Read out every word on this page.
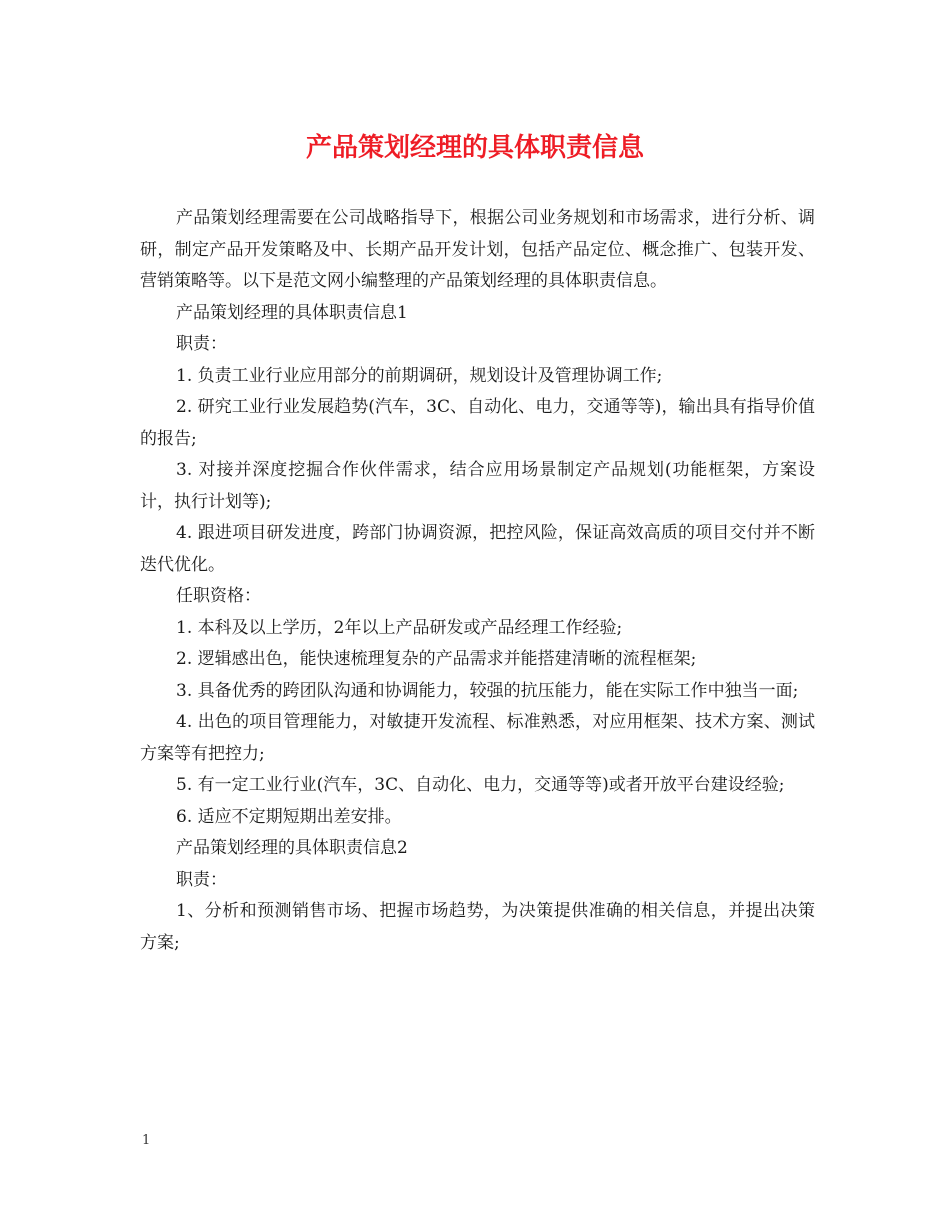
产品策划经理的具体职责信息

产品策划经理需要在公司战略指导下，根据公司业务规划和市场需求，进行分析、调研，制定产品开发策略及中、长期产品开发计划，包括产品定位、概念推广、包装开发、营销策略等。以下是范文网小编整理的产品策划经理的具体职责信息。

产品策划经理的具体职责信息1

职责：

1. 负责工业行业应用部分的前期调研，规划设计及管理协调工作;

2. 研究工业行业发展趋势(汽车，3C、自动化、电力，交通等等)，输出具有指导价值的报告;

3. 对接并深度挖掘合作伙伴需求，结合应用场景制定产品规划(功能框架，方案设计，执行计划等);

4. 跟进项目研发进度，跨部门协调资源，把控风险，保证高效高质的项目交付并不断迭代优化。

任职资格：

1. 本科及以上学历，2年以上产品研发或产品经理工作经验;

2. 逻辑感出色，能快速梳理复杂的产品需求并能搭建清晰的流程框架;

3. 具备优秀的跨团队沟通和协调能力，较强的抗压能力，能在实际工作中独当一面;

4. 出色的项目管理能力，对敏捷开发流程、标准熟悉，对应用框架、技术方案、测试方案等有把控力;

5. 有一定工业行业(汽车，3C、自动化、电力，交通等等)或者开放平台建设经验;

6. 适应不定期短期出差安排。

产品策划经理的具体职责信息2

职责：

1、分析和预测销售市场、把握市场趋势，为决策提供准确的相关信息，并提出决策方案;

1
